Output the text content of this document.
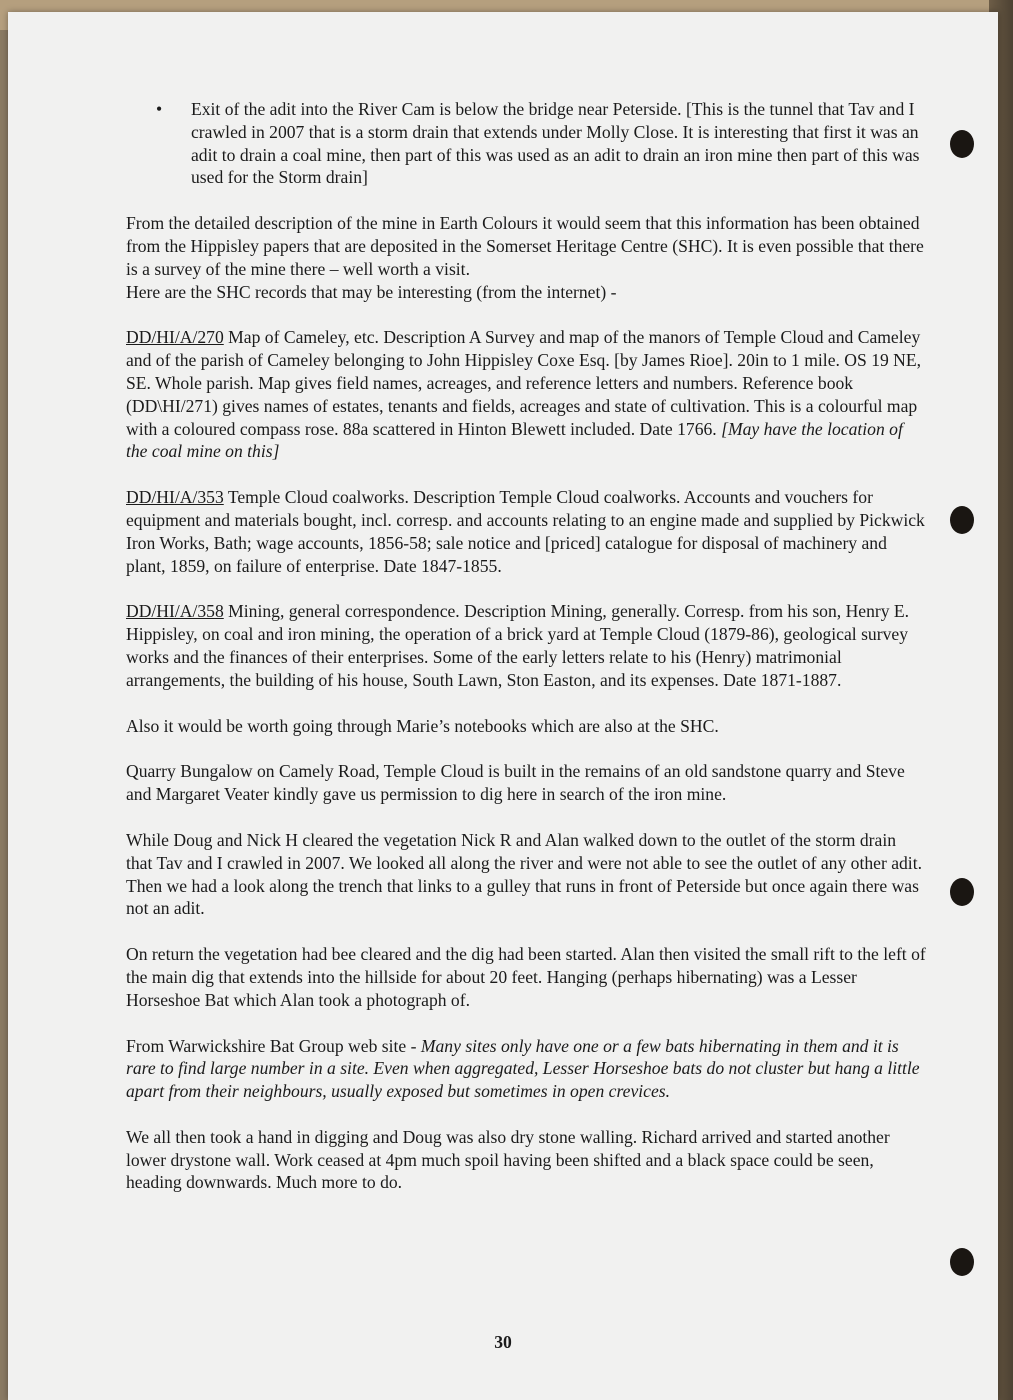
•	Exit of the adit into the River Cam is below the bridge near Peterside. [This is the tunnel that Tav and I crawled in 2007 that is a storm drain that extends under Molly Close. It is interesting that first it was an adit to drain a coal mine, then part of this was used as an adit to drain an iron mine then part of this was used for the Storm drain]

From the detailed description of the mine in Earth Colours it would seem that this information has been obtained from the Hippisley papers that are deposited in the Somerset Heritage Centre (SHC). It is even possible that there is a survey of the mine there – well worth a visit.
Here are the SHC records that may be interesting (from the internet) -

DD/HI/A/270 Map of Cameley, etc. Description A Survey and map of the manors of Temple Cloud and Cameley and of the parish of Cameley belonging to John Hippisley Coxe Esq. [by James Rioe]. 20in to 1 mile. OS 19 NE, SE. Whole parish. Map gives field names, acreages, and reference letters and numbers. Reference book (DD\HI/271) gives names of estates, tenants and fields, acreages and state of cultivation. This is a colourful map with a coloured compass rose. 88a scattered in Hinton Blewett included. Date 1766. [May have the location of the coal mine on this]

DD/HI/A/353 Temple Cloud coalworks. Description Temple Cloud coalworks. Accounts and vouchers for equipment and materials bought, incl. corresp. and accounts relating to an engine made and supplied by Pickwick Iron Works, Bath; wage accounts, 1856-58; sale notice and [priced] catalogue for disposal of machinery and plant, 1859, on failure of enterprise. Date 1847-1855.

DD/HI/A/358 Mining, general correspondence. Description Mining, generally. Corresp. from his son, Henry E. Hippisley, on coal and iron mining, the operation of a brick yard at Temple Cloud (1879-86), geological survey works and the finances of their enterprises. Some of the early letters relate to his (Henry) matrimonial arrangements, the building of his house, South Lawn, Ston Easton, and its expenses. Date 1871-1887.

Also it would be worth going through Marie’s notebooks which are also at the SHC.

Quarry Bungalow on Camely Road, Temple Cloud is built in the remains of an old sandstone quarry and Steve and Margaret Veater kindly gave us permission to dig here in search of the iron mine.

While Doug and Nick H cleared the vegetation Nick R and Alan walked down to the outlet of the storm drain that Tav and I crawled in 2007. We looked all along the river and were not able to see the outlet of any other adit. Then we had a look along the trench that links to a gulley that runs in front of Peterside but once again there was not an adit.

On return the vegetation had bee cleared and the dig had been started. Alan then visited the small rift to the left of the main dig that extends into the hillside for about 20 feet. Hanging (perhaps hibernating) was a Lesser Horseshoe Bat which Alan took a photograph of.

From Warwickshire Bat Group web site - Many sites only have one or a few bats hibernating in them and it is rare to find large number in a site. Even when aggregated, Lesser Horseshoe bats do not cluster but hang a little apart from their neighbours, usually exposed but sometimes in open crevices.

We all then took a hand in digging and Doug was also dry stone walling. Richard arrived and started another lower drystone wall. Work ceased at 4pm much spoil having been shifted and a black space could be seen, heading downwards. Much more to do.

30
